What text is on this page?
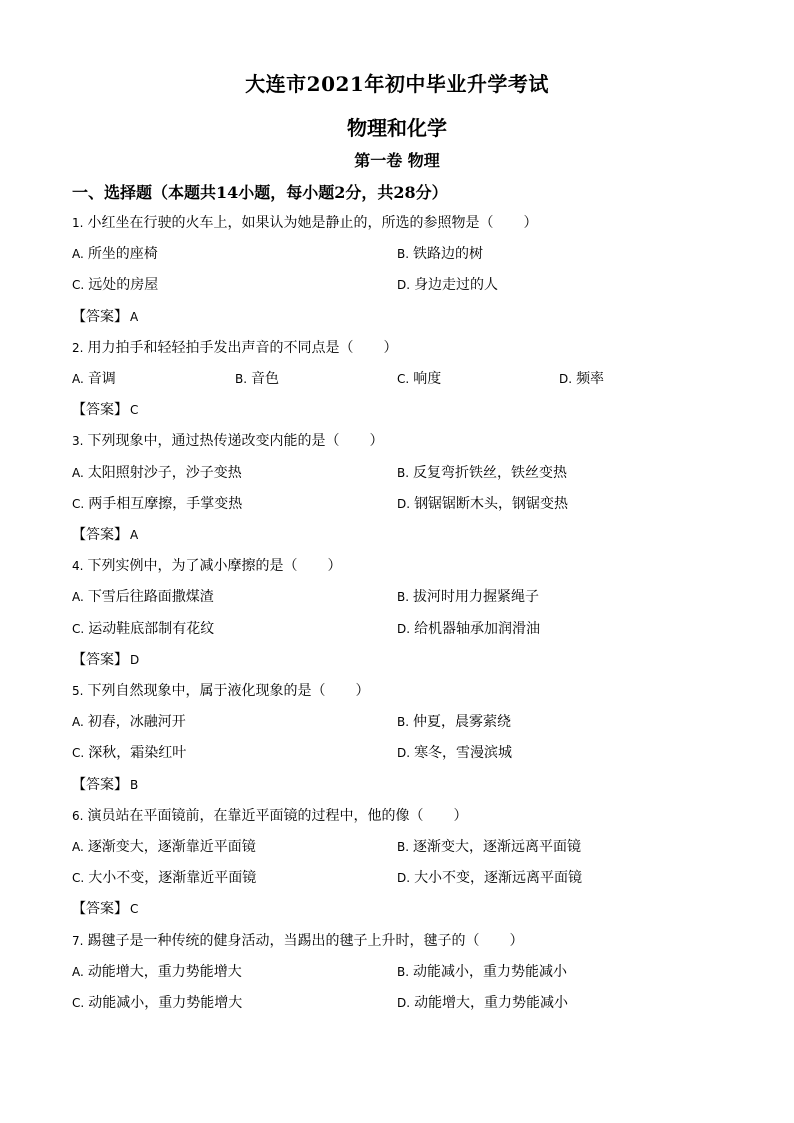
大连市2021年初中毕业升学考试
物理和化学
第一卷 物理
一、选择题（本题共14小题，每小题2分，共28分）
1. 小红坐在行驶的火车上，如果认为她是静止的，所选的参照物是（ ）
A. 所坐的座椅	B. 铁路边的树
C. 远处的房屋	D. 身边走过的人
【答案】 A
2. 用力拍手和轻轻拍手发出声音的不同点是（ ）
A. 音调	B. 音色	C. 响度	D. 频率
【答案】 C
3. 下列现象中，通过热传递改变内能的是（ ）
A. 太阳照射沙子，沙子变热	B. 反复弯折铁丝，铁丝变热
C. 两手相互摩擦，手掌变热	D. 钢锯锯断木头，钢锯变热
【答案】 A
4. 下列实例中，为了减小摩擦的是（ ）
A. 下雪后往路面撒煤渣	B. 拔河时用力握紧绳子
C. 运动鞋底部制有花纹	D. 给机器轴承加润滑油
【答案】 D
5. 下列自然现象中，属于液化现象的是（ ）
A. 初春，冰融河开	B. 仲夏，晨雾萦绕
C. 深秋，霜染红叶	D. 寒冬，雪漫滨城
【答案】 B
6. 演员站在平面镜前，在靠近平面镜的过程中，他的像（ ）
A. 逐渐变大，逐渐靠近平面镜	B. 逐渐变大，逐渐远离平面镜
C. 大小不变，逐渐靠近平面镜	D. 大小不变，逐渐远离平面镜
【答案】 C
7. 踢毽子是一种传统的健身活动，当踢出的毽子上升时，毽子的（ ）
A. 动能增大，重力势能增大	B. 动能减小，重力势能减小
C. 动能减小，重力势能增大	D. 动能增大，重力势能减小
